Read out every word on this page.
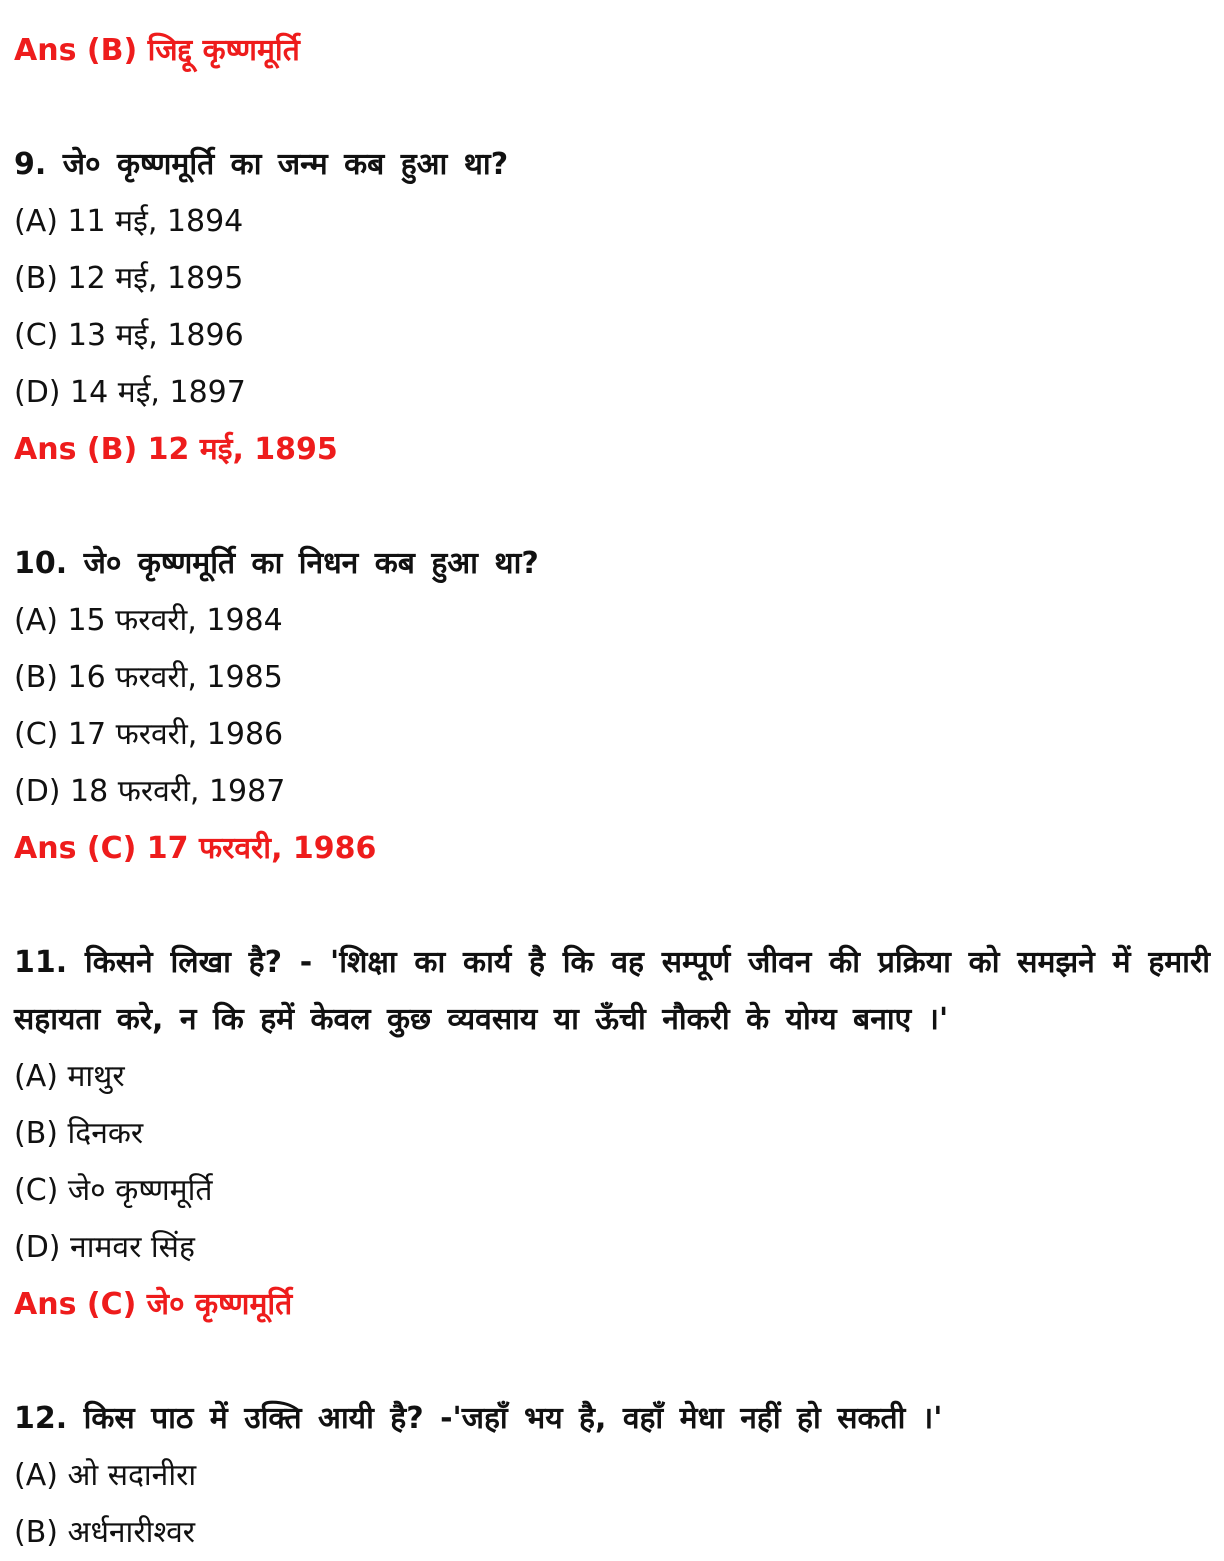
Ans (B) जिद्दू कृष्णमूर्ति
9. जे० कृष्णमूर्ति का जन्म कब हुआ था?
(A) 11 मई, 1894
(B) 12 मई, 1895
(C) 13 मई, 1896
(D) 14 मई, 1897
Ans (B) 12 मई, 1895
10. जे० कृष्णमूर्ति का निधन कब हुआ था?
(A) 15 फरवरी, 1984
(B) 16 फरवरी, 1985
(C) 17 फरवरी, 1986
(D) 18 फरवरी, 1987
Ans (C) 17 फरवरी, 1986
11. किसने लिखा है? - 'शिक्षा का कार्य है कि वह सम्पूर्ण जीवन की प्रक्रिया को समझने में हमारी सहायता करे, न कि हमें केवल कुछ व्यवसाय या ऊँची नौकरी के योग्य बनाए ।'
(A) माथुर
(B) दिनकर
(C) जे० कृष्णमूर्ति
(D) नामवर सिंह
Ans (C) जे० कृष्णमूर्ति
12. किस पाठ में उक्ति आयी है? -'जहाँ भय है, वहाँ मेधा नहीं हो सकती ।'
(A) ओ सदानीरा
(B) अर्धनारीश्वर
